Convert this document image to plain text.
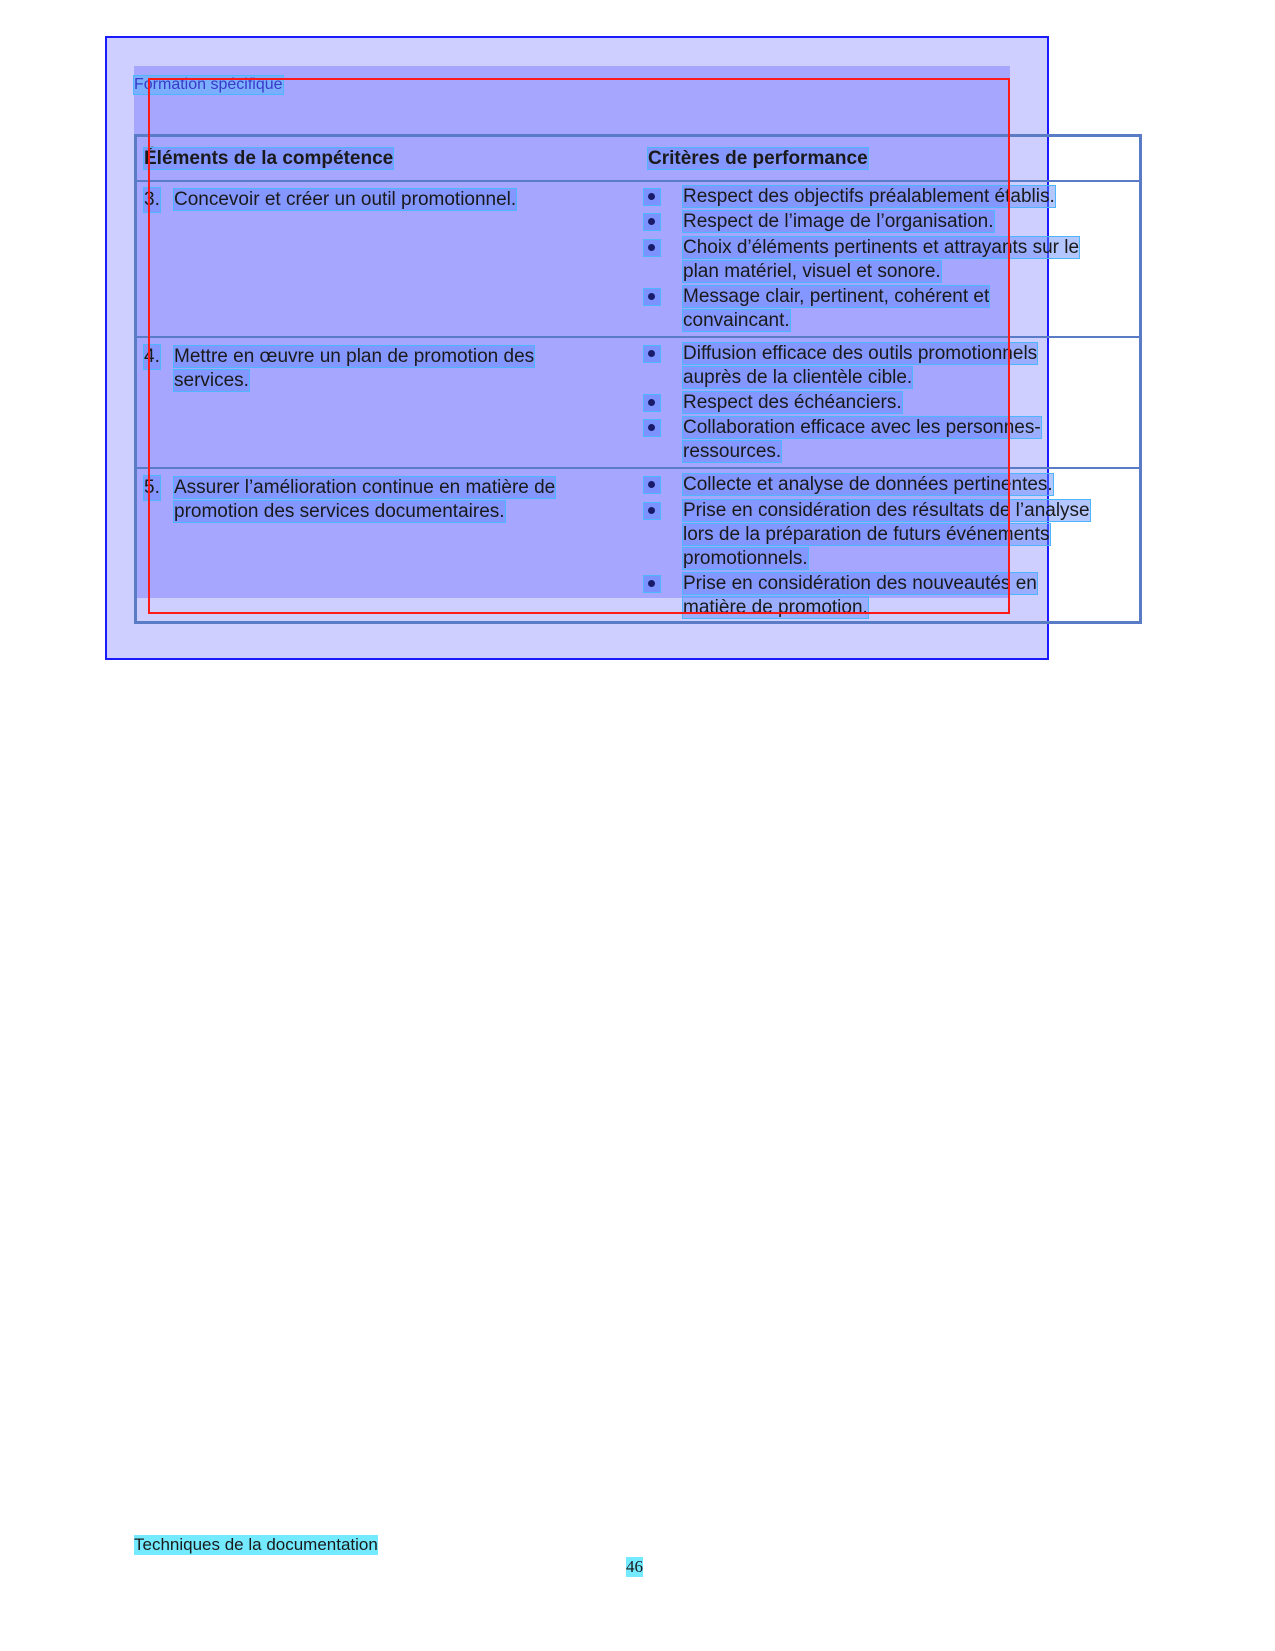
Formation spécifique
Éléments de la compétence	Critères de performance
3. Concevoir et créer un outil promotionnel.	Respect des objectifs préalablement établis.
Respect de l’image de l’organisation.
Choix d’éléments pertinents et attrayants sur le
plan matériel, visuel et sonore.
Message clair, pertinent, cohérent et
convaincant.
4. Mettre en œuvre un plan de promotion des
services.
Diffusion efficace des outils promotionnels
auprès de la clientèle cible.
Respect des échéanciers.
Collaboration efficace avec les personnes-
ressources.
5. Assurer l’amélioration continue en matière de
promotion des services documentaires.
Collecte et analyse de données pertinentes.
Prise en considération des résultats de l’analyse
lors de la préparation de futurs événements
promotionnels.
Prise en considération des nouveautés en
matière de promotion.
Techniques de la documentation
46
